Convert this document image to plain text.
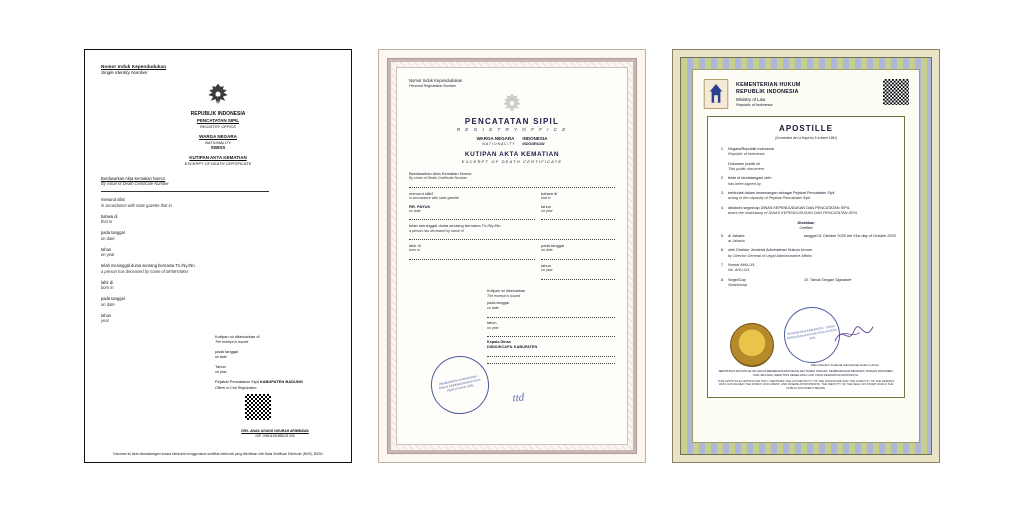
Nomor Induk Kependudukan
Single Identity Number
REPUBLIK INDONESIA
PENCATATAN SIPIL
REGISTRY OFFICE
WARGA NEGARA
NATIONALITY
SWISS
KUTIPAN AKTA KEMATIAN
EXCERPT OF DEATH CERTIFICATE
Berdasarkan Akta Kematian Nomor
By virtue of Death Certificate Number
menurut sifat
in accordance with state gazette that in
bahwa di
that in
pada tanggal
on date
tahun
on year
telah meninggal dunia seorang bernama Tn./Ny./Nn.
a person has deceased by name of Mr/Mrs/Miss
lahir di
born in
pada tanggal
on date
tahun
year
Kutipan ini dikeluarkan di
The excerpt is issued
pada tanggal
on date
Tahun
on year
Pejabat Pencatatan Sipil KABUPATEN BADUNG
Officer of Civil Registration
DRS. ANAK AGUNG NGURAH ARIMBAWA
NIP. 196511191988103 009
Dokumen ini telah ditandatangani secara elektronik menggunakan sertifikat elektronik yang diterbitkan oleh Balai Sertifikasi Elektronik (BSrE), BSSN
Nomor Induk Kependudukan
Personal Registration Number
PENCATATAN SIPIL
R E G I S T R Y O F F I C E
WARGA NEGARA
N A T I O N A L I T Y
INDONESIA
INDONESIAN
KUTIPAN AKTA KEMATIAN
EXCERPT OF DEATH CERTIFICATE
Berdasarkan Akta Kematian Nomor
By virtue of Death Certificate Number
menurut s8b2
in accordance with state gazette
bahwa di
that in
RR. PAYUK
on date
tahun
on year
telah meninggal dunia seorang bernama Tn./Ny./Nn.
a person has deceased by name of
lahir di
born in
pada tanggal
on date
tahun
on year
Kutipan ini dikeluarkan
The excerpt is issued
pada tanggal
on date
tahun
on year
Kepala Dinas
DISDUKCAPIL KABUPATEN
PEMERINTAH KABUPATEN · DINAS KEPENDUDUKAN DAN PENCATATAN SIPIL
ttd
KEMENTERIAN HUKUM
REPUBLIK INDONESIA
Ministry of Law
Republic of Indonesia
APOSTILLE
(Convention de La Haye du 5 octobre 1961)
1. Negara/Republik Indonesia
Republic of Indonesia
Dokumen publik ini
This public document
2. telah di tandatangani oleh
has been signed by
3. bertindak dalam kewenangan sebagai Pejabat Pencatatan Sipil
acting in the capacity of Pejabat Pencatatan Sipil
4. dibubuhi segel/cap DINAS KEPENDUDUKAN DAN PENCATATAN SIPIL
bears the seal/stamp of DINAS KEPENDUDUKAN DAN PENCATATAN SIPIL
Disahkan
Certified
5. di Jakarta
at Jakarta
tanggal 01 Oktober 2025 the 01st day of October 2025
6. oleh Direktur Jenderal Administrasi Hukum Umum
by Director General of Legal Administrative Affairs
7. Nomor AHU-0/1
No. AHU-0/1
8. Segel/Cap
Seal/stamp
10. Tanda Tangan Signature
PEMERINTAH KABUPATEN · DINAS KEPENDUDUKAN DAN PENCATATAN SIPIL
Ditjen Direktur Jenderal Administrasi Hukum Umum
SERTIFIKAT APOSTILLE INI HANYA MENERANGKAN KEASLIAN TANDA TANGAN, KEWENANGAN PENANDA TANGAN DOKUMEN, DAN JIKA ADA, IDENTITAS SEGEL ATAU CAP YANG DILEKATKAN DIATASNYA.
THIS APOSTILLE CERTIFICATE ONLY CERTIFIES THE AUTHENTICITY OF THE SIGNATURE AND THE CAPACITY OF THE PERSON WHO HAS SIGNED THE PUBLIC DOCUMENT, AND WHERE APPROPRIATE, THE IDENTITY OF THE SEAL OR STAMP WHICH THE PUBLIC DOCUMENT BEARS.
